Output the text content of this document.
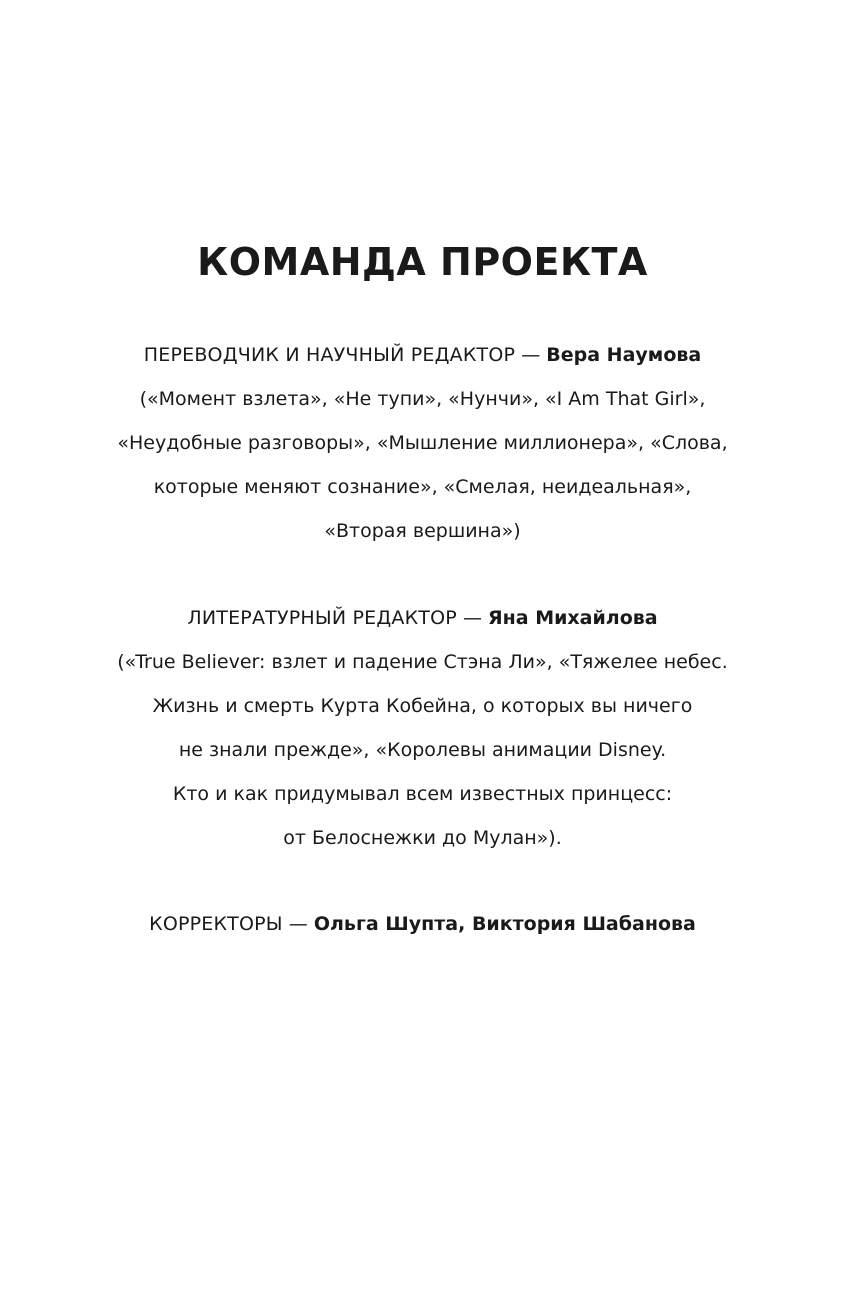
КОМАНДА ПРОЕКТА
ПЕРЕВОДЧИК И НАУЧНЫЙ РЕДАКТОР — Вера Наумова
(«Момент взлета», «Не тупи», «Нунчи», «I Am That Girl»,
«Неудобные разговоры», «Мышление миллионера», «Слова,
которые меняют сознание», «Смелая, неидеальная»,
«Вторая вершина»)
ЛИТЕРАТУРНЫЙ РЕДАКТОР — Яна Михайлова
(«True Believer: взлет и падение Стэна Ли», «Тяжелее небес.
Жизнь и смерть Курта Кобейна, о которых вы ничего
не знали прежде», «Королевы анимации Disney.
Кто и как придумывал всем известных принцесс:
от Белоснежки до Мулан»).
КОРРЕКТОРЫ — Ольга Шупта, Виктория Шабанова
